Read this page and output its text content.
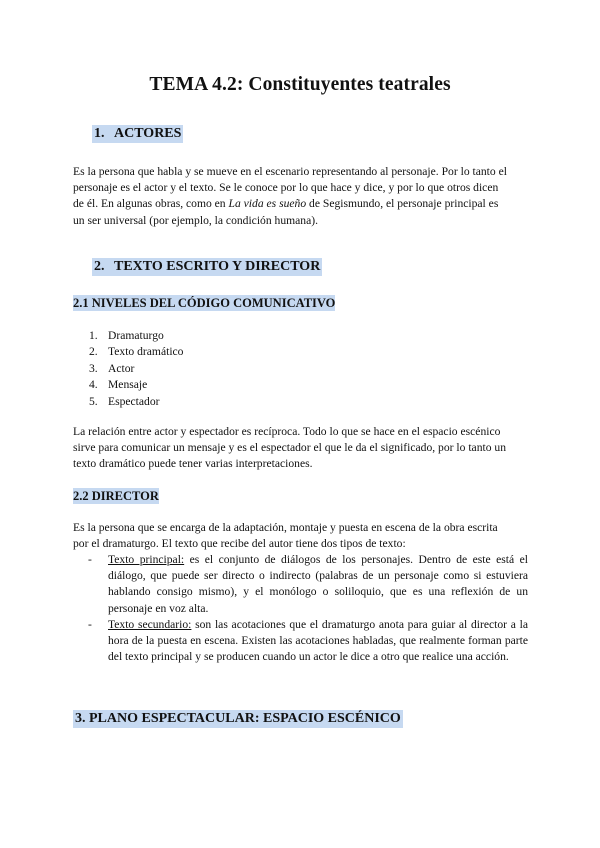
TEMA 4.2: Constituyentes teatrales
1. ACTORES

Es la persona que habla y se mueve en el escenario representando al personaje. Por lo tanto el
personaje es el actor y el texto. Se le conoce por lo que hace y dice, y por lo que otros dicen
de él. En algunas obras, como en La vida es sueño de Segismundo, el personaje principal es
un ser universal (por ejemplo, la condición humana).

2. TEXTO ESCRITO Y DIRECTOR
2.1 NIVELES DEL CÓDIGO COMUNICATIVO
1. Dramaturgo
2. Texto dramático
3. Actor
4. Mensaje
5. Espectador

La relación entre actor y espectador es recíproca. Todo lo que se hace en el espacio escénico
sirve para comunicar un mensaje y es el espectador el que le da el significado, por lo tanto un
texto dramático puede tener varias interpretaciones.

2.2 DIRECTOR

Es la persona que se encarga de la adaptación, montaje y puesta en escena de la obra escrita
por el dramaturgo. El texto que recibe del autor tiene dos tipos de texto:

- Texto principal: es el conjunto de diálogos de los personajes. Dentro de este está el diálogo, que puede ser directo o indirecto (palabras de un personaje como si estuviera hablando consigo mismo), y el monólogo o soliloquio, que es una reflexión de un personaje en voz alta.
- Texto secundario: son las acotaciones que el dramaturgo anota para guiar al director a la hora de la puesta en escena. Existen las acotaciones habladas, que realmente forman parte del texto principal y se producen cuando un actor le dice a otro que realice una acción.
3. PLANO ESPECTACULAR: ESPACIO ESCÉNICO
